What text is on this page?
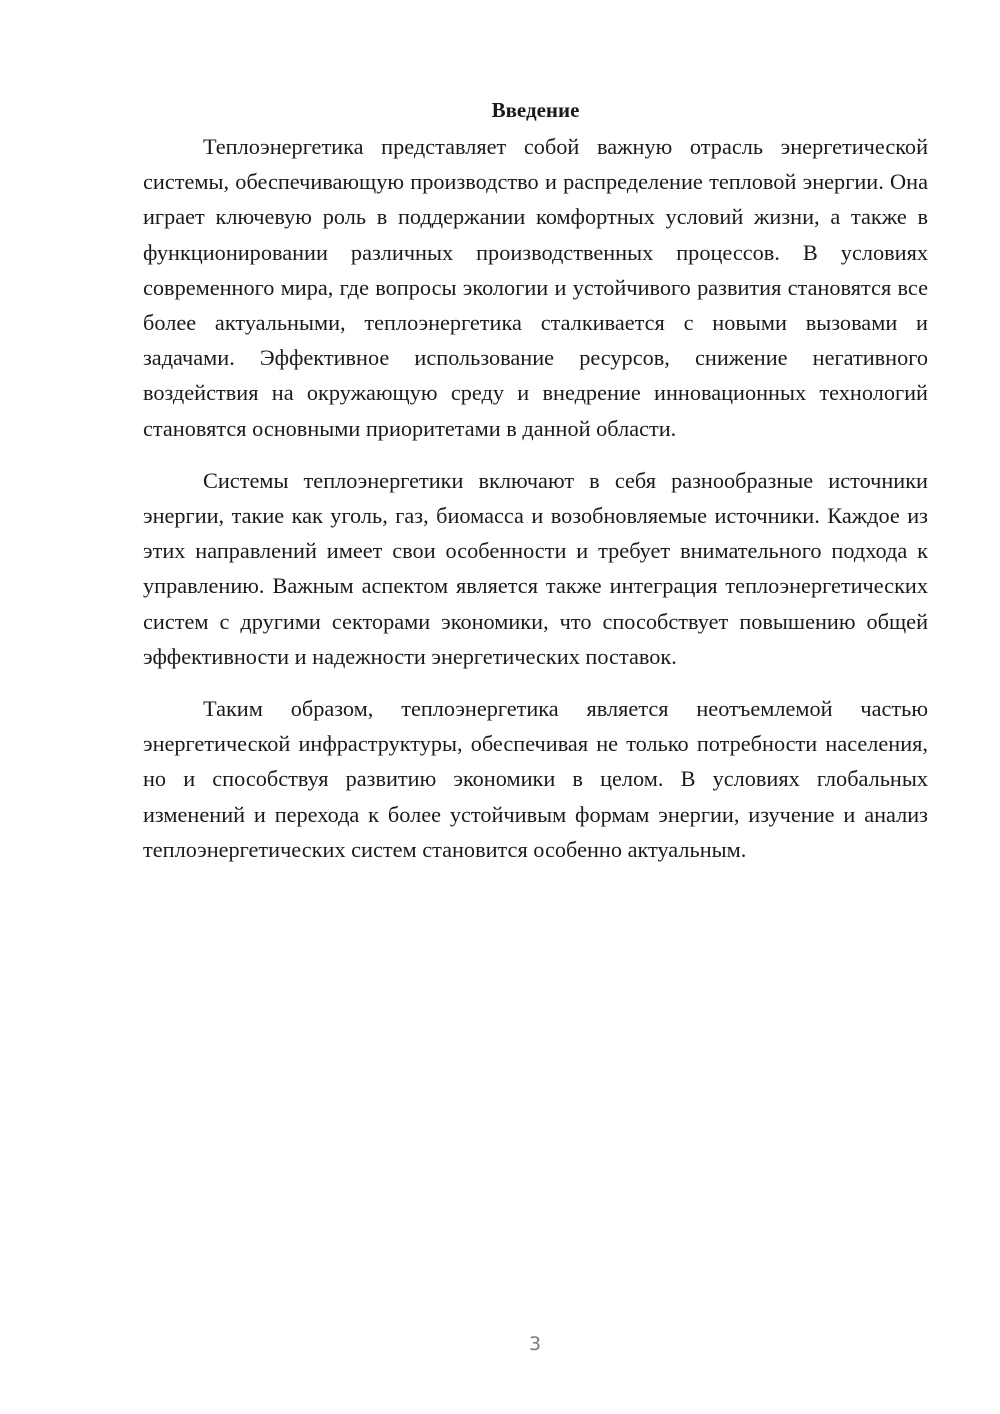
Введение

Теплоэнергетика представляет собой важную отрасль энергетической системы, обеспечивающую производство и распределение тепловой энергии. Она играет ключевую роль в поддержании комфортных условий жизни, а также в функционировании различных производственных процессов. В условиях современного мира, где вопросы экологии и устойчивого развития становятся все более актуальными, теплоэнергетика сталкивается с новыми вызовами и задачами. Эффективное использование ресурсов, снижение негативного воздействия на окружающую среду и внедрение инновационных технологий становятся основными приоритетами в данной области.

Системы теплоэнергетики включают в себя разнообразные источники энергии, такие как уголь, газ, биомасса и возобновляемые источники. Каждое из этих направлений имеет свои особенности и требует внимательного подхода к управлению. Важным аспектом является также интеграция теплоэнергетических систем с другими секторами экономики, что способствует повышению общей эффективности и надежности энергетических поставок.

Таким образом, теплоэнергетика является неотъемлемой частью энергетической инфраструктуры, обеспечивая не только потребности населения, но и способствуя развитию экономики в целом. В условиях глобальных изменений и перехода к более устойчивым формам энергии, изучение и анализ теплоэнергетических систем становится особенно актуальным.

3
